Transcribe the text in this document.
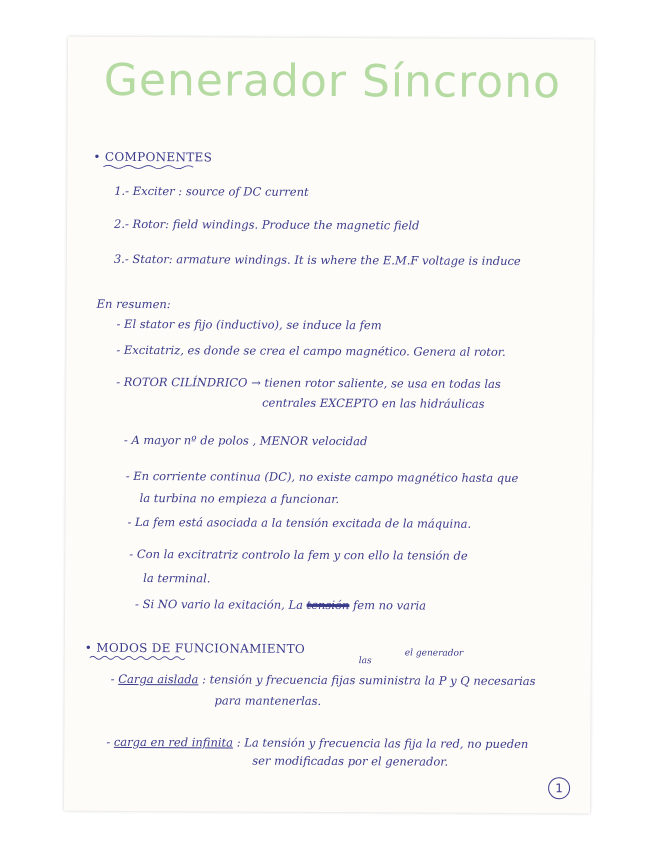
Generador Síncrono
• COMPONENTES
1.- Exciter : source of DC current
2.- Rotor: field windings. Produce the magnetic field
3.- Stator: armature windings. It is where the E.M.F voltage is induce
En resumen:
- El stator es fijo (inductivo), se induce la fem
- Excitatriz, es donde se crea el campo magnético. Genera al rotor.
- ROTOR CILÍNDRICO → tienen rotor saliente, se usa en todas las
centrales EXCEPTO en las hidráulicas
- A mayor nº de polos , MENOR velocidad
- En corriente continua (DC), no existe campo magnético hasta que
la turbina no empieza a funcionar.
- La fem está asociada a la tensión excitada de la máquina.
- Con la excitratriz controlo la fem y con ello la tensión de
la terminal.
- Si NO vario la exitación, La tensión fem no varia
• MODOS DE FUNCIONAMIENTO
las
el generador
- Carga aislada : tensión y frecuencia fijas suministra la P y Q necesarias
para mantenerlas.
- carga en red infinita : La tensión y frecuencia las fija la red, no pueden
ser modificadas por el generador.
1
